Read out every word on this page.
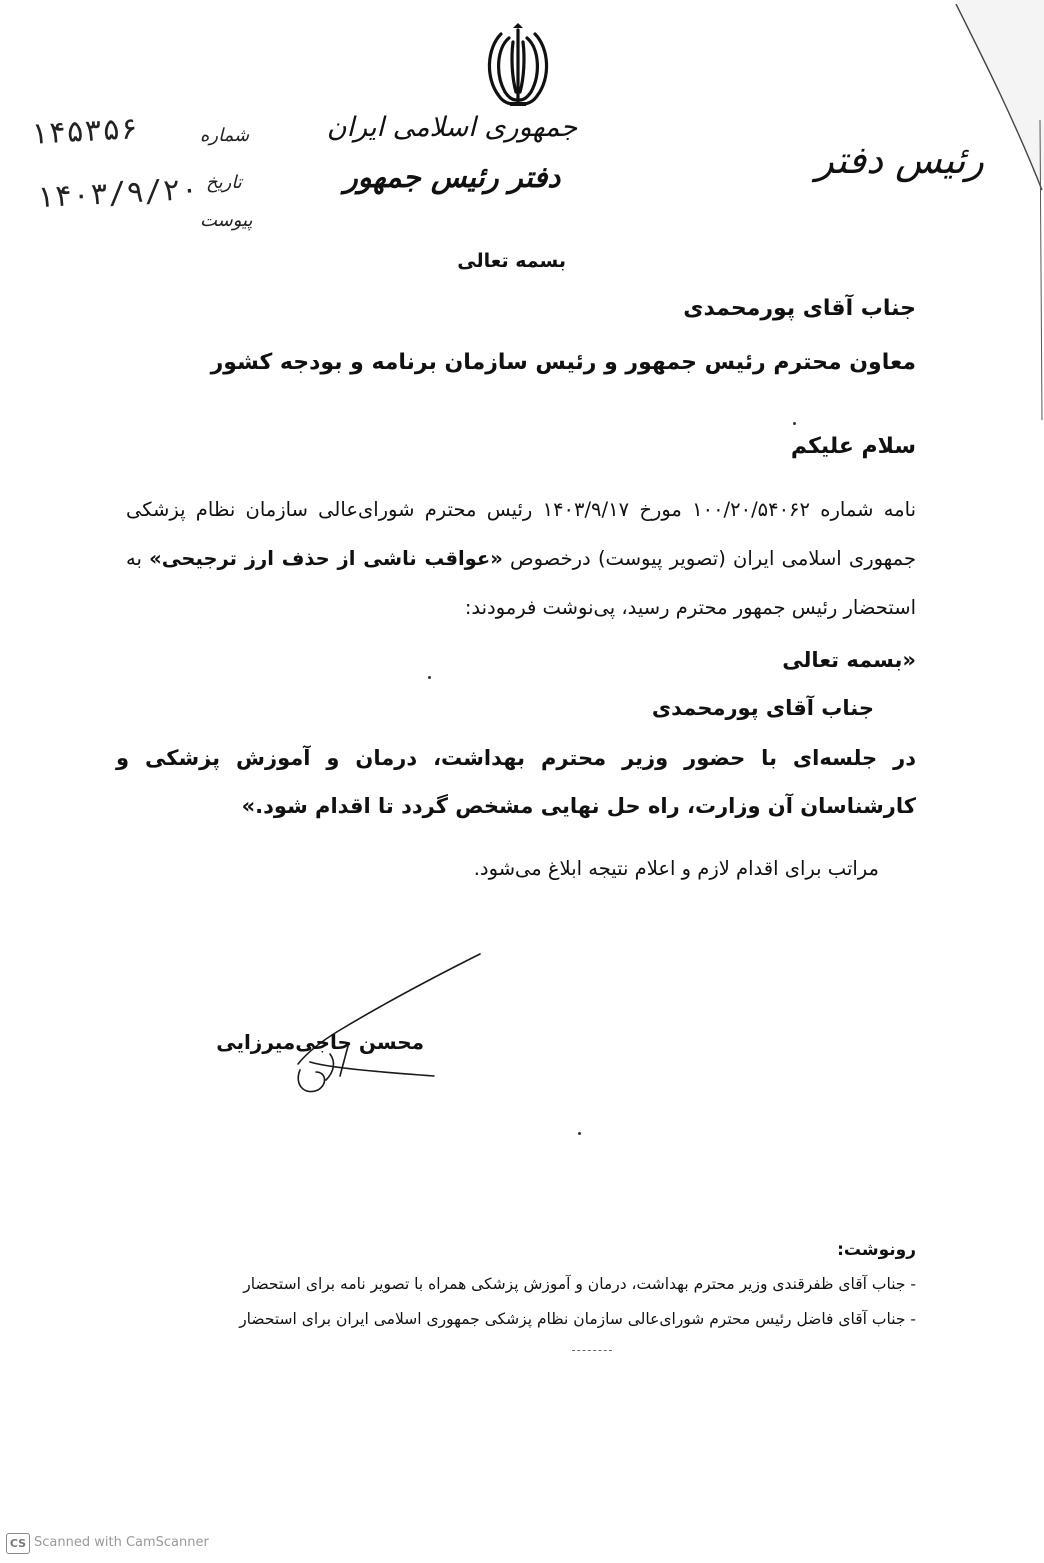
جمهوری اسلامی ایران
دفتر رئیس جمهور	رئیس دفتر
شماره
تاریخ
پیوست
۱۴۵۳۵۶
۱۴۰۳/۹/۲۰
بسمه تعالی
جناب آقای پورمحمدی
معاون محترم رئیس جمهور و رئیس سازمان برنامه و بودجه کشور
سلام علیکم
نامه شماره ۱۰۰/۲۰/۵۴۰۶۲ مورخ ۱۴۰۳/۹/۱۷ رئیس محترم شورای‌عالی سازمان نظام پزشکی جمهوری اسلامی ایران (تصویر پیوست) درخصوص «عواقب ناشی از حذف ارز ترجیحی» به استحضار رئیس جمهور محترم رسید، پی‌نوشت فرمودند:
«بسمه تعالی
جناب آقای پورمحمدی
در جلسه‌ای با حضور وزیر محترم بهداشت، درمان و آموزش پزشکی و کارشناسان آن وزارت، راه حل نهایی مشخص گردد تا اقدام شود.»
مراتب برای اقدام لازم و اعلام نتیجه ابلاغ می‌شود.
محسن حاجی‌میرزایی
رونوشت:
- جناب آقای ظفرقندی وزیر محترم بهداشت، درمان و آموزش پزشکی همراه با تصویر نامه برای استحضار
- جناب آقای فاضل رئیس محترم شورای‌عالی سازمان نظام پزشکی جمهوری اسلامی ایران برای استحضار
CS Scanned with CamScanner
